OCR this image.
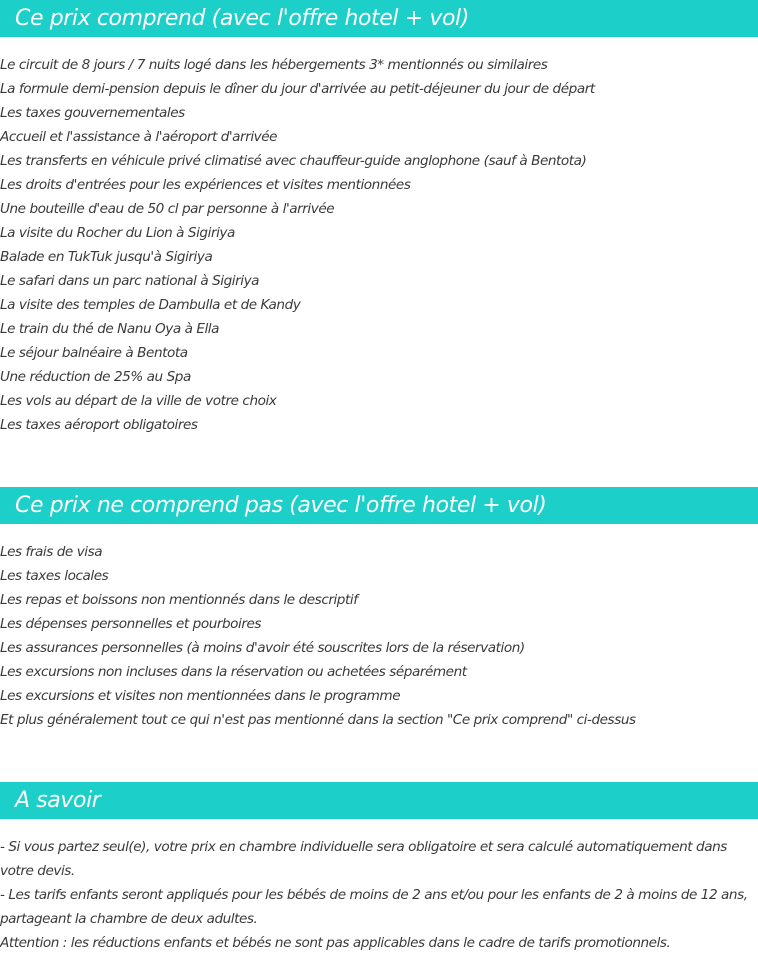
Ce prix comprend (avec l'offre hotel + vol)
Le circuit de 8 jours / 7 nuits logé dans les hébergements 3* mentionnés ou similaires
La formule demi-pension depuis le dîner du jour d'arrivée au petit-déjeuner du jour de départ
Les taxes gouvernementales
Accueil et l'assistance à l'aéroport d'arrivée
Les transferts en véhicule privé climatisé avec chauffeur-guide anglophone (sauf à Bentota)
Les droits d'entrées pour les expériences et visites mentionnées
Une bouteille d'eau de 50 cl par personne à l'arrivée
La visite du Rocher du Lion à Sigiriya
Balade en TukTuk jusqu'à Sigiriya
Le safari dans un parc national à Sigiriya
La visite des temples de Dambulla et de Kandy
Le train du thé de Nanu Oya à Ella
Le séjour balnéaire à Bentota
Une réduction de 25% au Spa
Les vols au départ de la ville de votre choix
Les taxes aéroport obligatoires
Ce prix ne comprend pas (avec l'offre hotel + vol)
Les frais de visa
Les taxes locales
Les repas et boissons non mentionnés dans le descriptif
Les dépenses personnelles et pourboires
Les assurances personnelles (à moins d'avoir été souscrites lors de la réservation)
Les excursions non incluses dans la réservation ou achetées séparément
Les excursions et visites non mentionnées dans le programme
Et plus généralement tout ce qui n'est pas mentionné dans la section "Ce prix comprend" ci-dessus
A savoir

- Si vous partez seul(e), votre prix en chambre individuelle sera obligatoire et sera calculé automatiquement dans votre devis.

- Les tarifs enfants seront appliqués pour les bébés de moins de 2 ans et/ou pour les enfants de 2 à moins de 12 ans, partageant la chambre de deux adultes.

Attention : les réductions enfants et bébés ne sont pas applicables dans le cadre de tarifs promotionnels.
